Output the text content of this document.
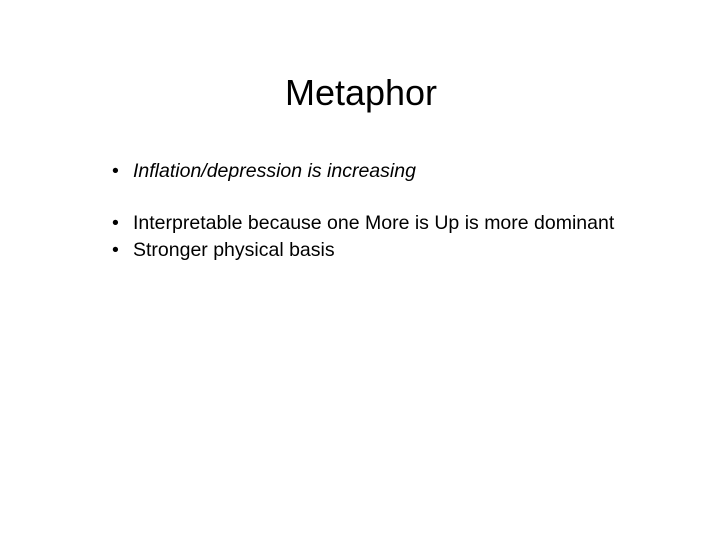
Metaphor
• Inflation/depression is increasing
• Interpretable because one More is Up is more dominant
• Stronger physical basis
